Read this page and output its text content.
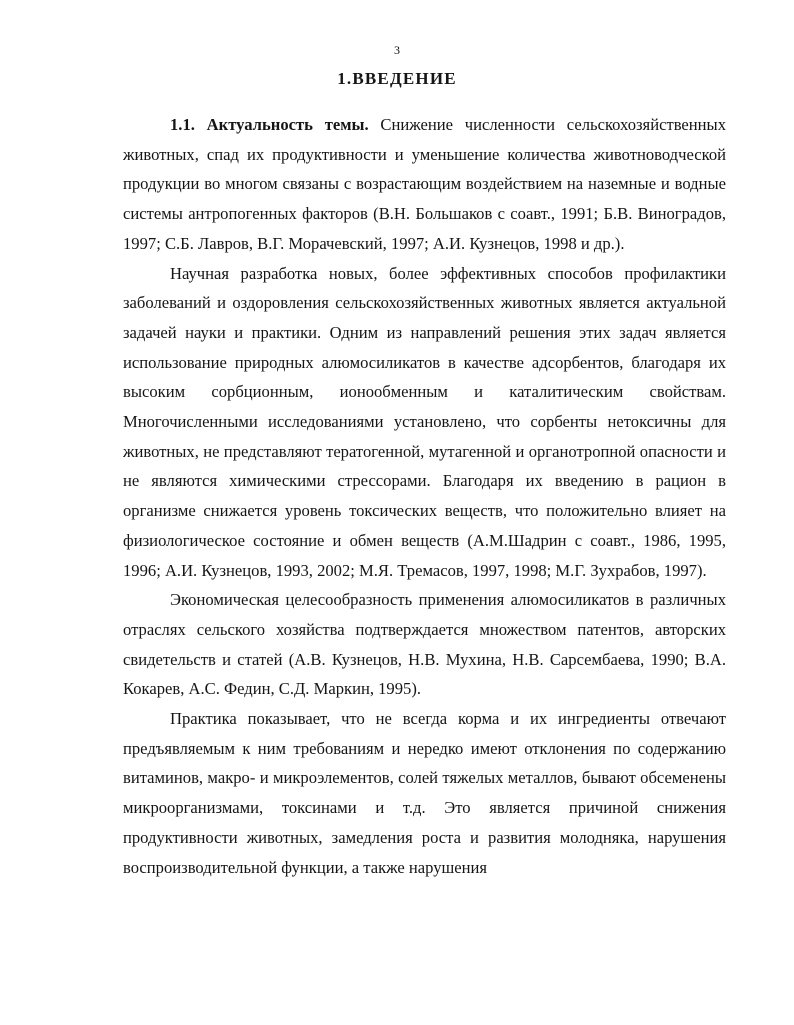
3
1.ВВЕДЕНИЕ

1.1. Актуальность темы. Снижение численности сельскохозяйственных животных, спад их продуктивности и уменьшение количества животноводческой продукции во многом связаны с возрастающим воздействием на наземные и водные системы антропогенных факторов (В.Н. Большаков с соавт., 1991; Б.В. Виноградов, 1997; С.Б. Лавров, В.Г. Морачевский, 1997; А.И. Кузнецов, 1998 и др.).

Научная разработка новых, более эффективных способов профилактики заболеваний и оздоровления сельскохозяйственных животных является актуальной задачей науки и практики. Одним из направлений решения этих задач является использование природных алюмосиликатов в качестве адсорбентов, благодаря их высоким сорбционным, ионообменным и каталитическим свойствам. Многочисленными исследованиями установлено, что сорбенты нетоксичны для животных, не представляют тератогенной, мутагенной и органотропной опасности и не являются химическими стрессорами. Благодаря их введению в рацион в организме снижается уровень токсических веществ, что положительно влияет на физиологическое состояние и обмен веществ (А.М.Шадрин с соавт., 1986, 1995, 1996; А.И. Кузнецов, 1993, 2002; М.Я. Тремасов, 1997, 1998; М.Г. Зухрабов, 1997).

Экономическая целесообразность применения алюмосиликатов в различных отраслях сельского хозяйства подтверждается множеством патентов, авторских свидетельств и статей (А.В. Кузнецов, Н.В. Мухина, Н.В. Сарсембаева, 1990; В.А. Кокарев, А.С. Федин, С.Д. Маркин, 1995).

Практика показывает, что не всегда корма и их ингредиенты отвечают предъявляемым к ним требованиям и нередко имеют отклонения по содержанию витаминов, макро- и микроэлементов, солей тяжелых металлов, бывают обсеменены микроорганизмами, токсинами и т.д. Это является причиной снижения продуктивности животных, замедления роста и развития молодняка, нарушения воспроизводительной функции, а также нарушения
